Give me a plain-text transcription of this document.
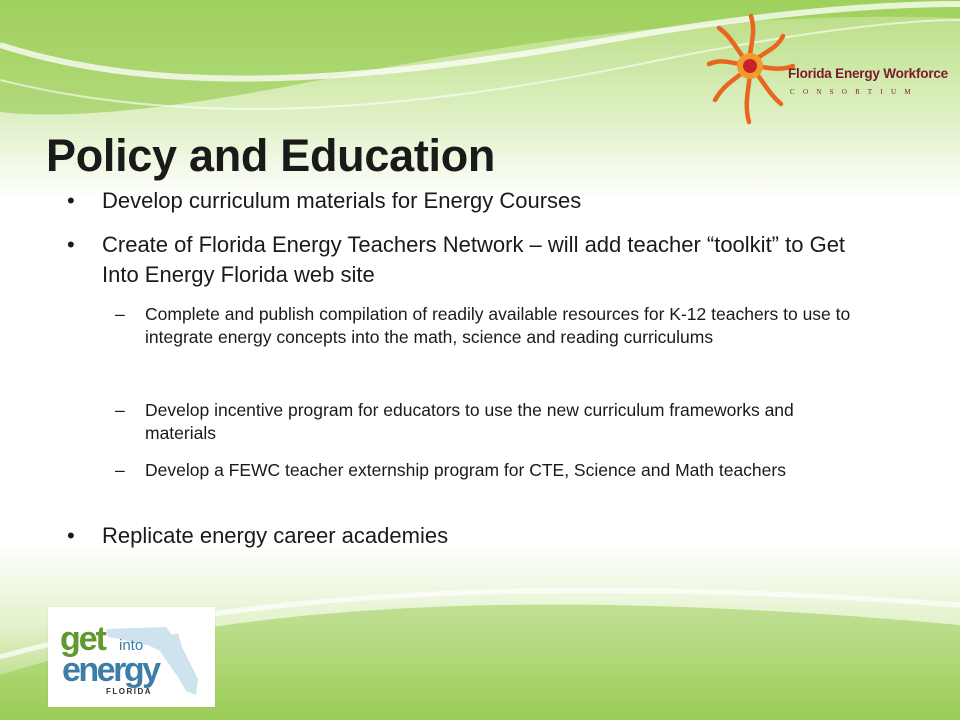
Florida Energy Workforce
CONSORTIUM
Policy and Education
• Develop curriculum materials for Energy Courses
• Create of Florida Energy Teachers Network – will add teacher “toolkit” to Get Into Energy Florida web site
– Complete and publish compilation of readily available resources for K-12 teachers to use to integrate energy concepts into the math, science and reading curriculums
– Develop incentive program for educators to use the new curriculum frameworks and materials
– Develop a FEWC teacher externship program for CTE, Science and Math teachers
• Replicate energy career academies
get into
energy
FLORIDA
